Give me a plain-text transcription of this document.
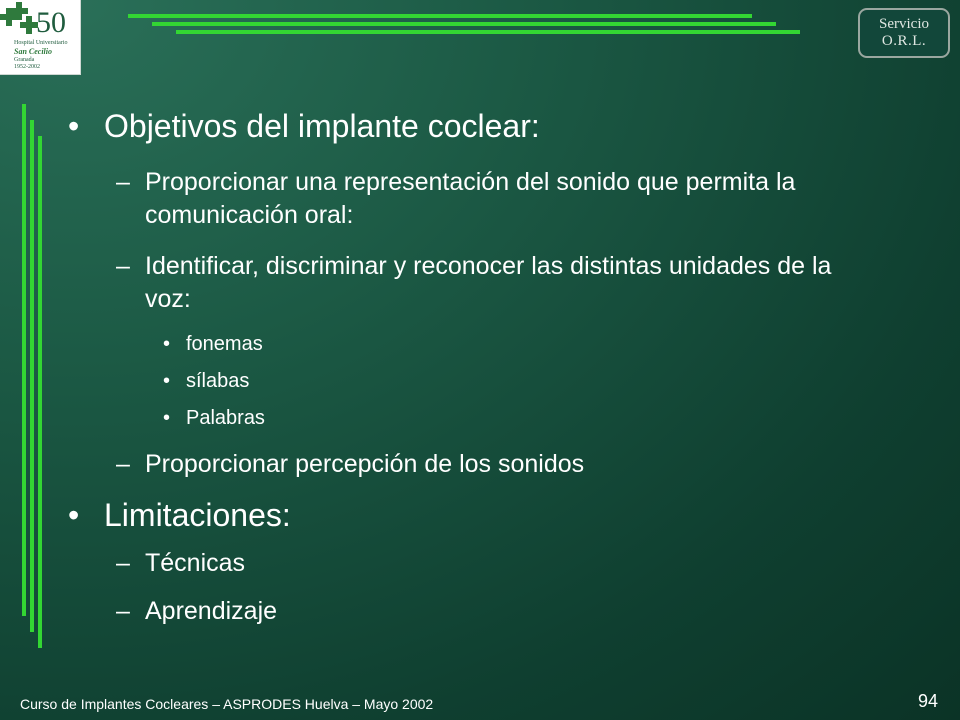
50
Hospital Universitario
San Cecilio
Granada
1952-2002
Servicio
O.R.L.
• Objetivos del implante coclear:
– Proporcionar una representación del sonido que permita la comunicación oral:
– Identificar, discriminar y reconocer las distintas unidades de la voz:
• fonemas
• sílabas
• Palabras
– Proporcionar percepción de los sonidos
• Limitaciones:
– Técnicas
– Aprendizaje
Curso de Implantes Cocleares – ASPRODES Huelva – Mayo 2002	94
